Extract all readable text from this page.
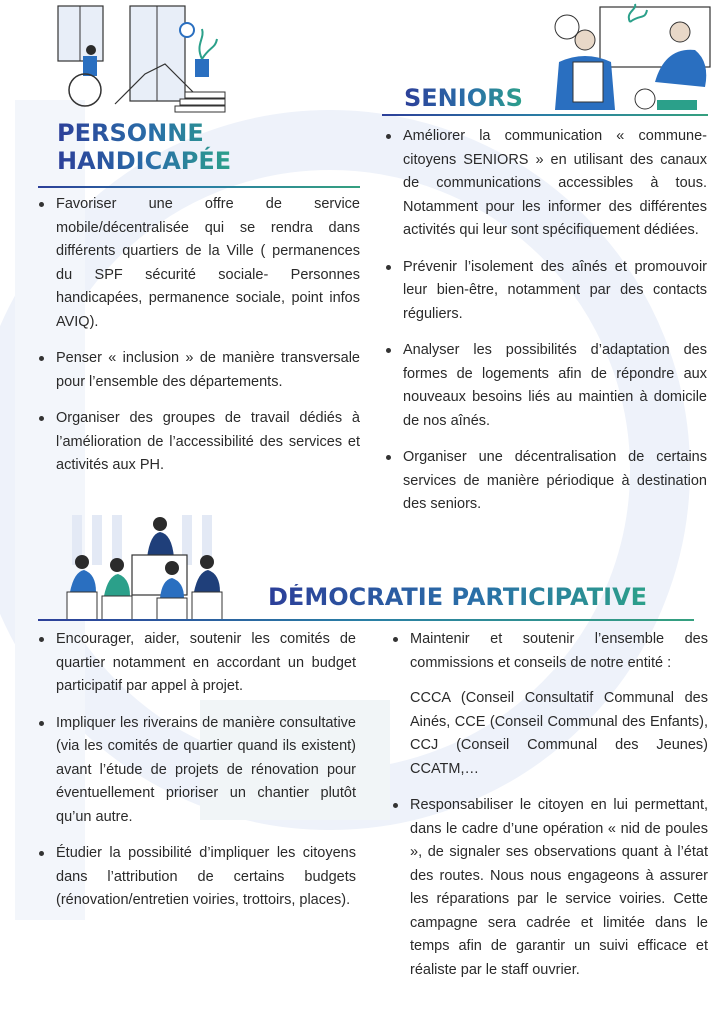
PERSONNE
HANDICAPÉE
Favoriser une offre de service mobile/décentralisée qui se rendra dans différents quartiers de la Ville ( permanences du SPF sécurité sociale- Personnes handicapées, permanence sociale, point infos AVIQ).
Penser « inclusion » de manière transversale pour l’ensemble des départements.
Organiser des groupes de travail dédiés à l’amélioration de l’accessibilité des services et activités aux PH.
SENIORS
Améliorer la communication « commune-citoyens SENIORS » en utilisant des canaux de communications accessibles à tous. Notamment pour les informer des différentes activités qui leur sont spécifiquement dédiées.
Prévenir l’isolement des aînés et promouvoir leur bien-être, notamment par des contacts réguliers.
Analyser les possibilités d’adaptation des formes de logements afin de répondre aux nouveaux besoins liés au maintien à domicile de nos aînés.
Organiser une décentralisation de certains services de manière périodique à destination des seniors.
DÉMOCRATIE PARTICIPATIVE
Encourager, aider, soutenir les comités de quartier notamment en accordant un budget participatif par appel à projet.
Impliquer les riverains de manière consultative (via les comités de quartier quand ils existent) avant l’étude de projets de rénovation pour éventuellement prioriser un chantier plutôt qu’un autre.
Étudier la possibilité d’impliquer les citoyens dans l’attribution de certains budgets (rénovation/entretien voiries, trottoirs, places).
Maintenir et soutenir l’ensemble des commissions et conseils de notre entité :
CCCA (Conseil Consultatif Communal des Ainés, CCE (Conseil Communal des Enfants), CCJ (Conseil Communal des Jeunes) CCATM,…
Responsabiliser le citoyen en lui permettant, dans le cadre d’une opération « nid de poules », de signaler ses observations quant à l’état des routes. Nous nous engageons à assurer les réparations par le service voiries. Cette campagne sera cadrée et limitée dans le temps afin de garantir un suivi efficace et réaliste par le staff ouvrier.
